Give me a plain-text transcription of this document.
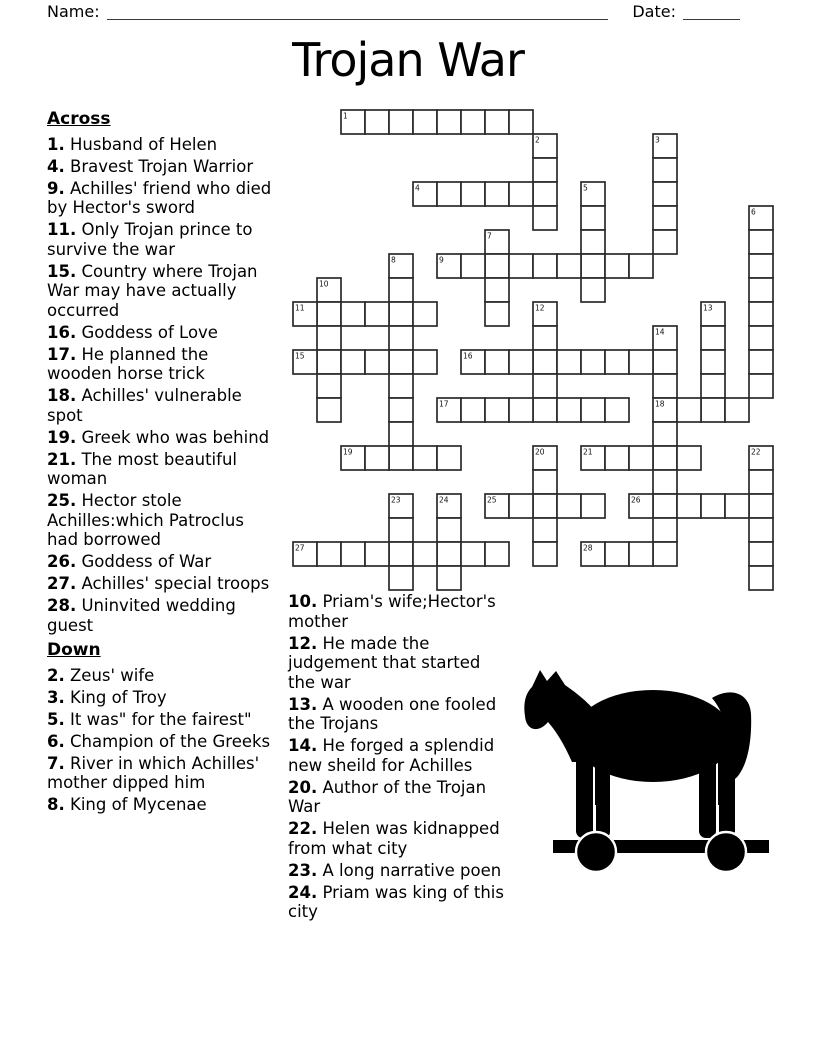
Name:	Date:
Trojan War
1
2	3
4	5
6
7
8	9
10
11	12	13
14
18
15	16
17
19	20	21	22
23	24	25	26
27	28
Across

1. Husband of Helen

4. Bravest Trojan Warrior

9. Achilles' friend who died by Hector's sword

11. Only Trojan prince to survive the war

15. Country where Trojan War may have actually occurred

16. Goddess of Love

17. He planned the wooden horse trick

18. Achilles' vulnerable spot

19. Greek who was behind

21. The most beautiful woman

25. Hector stole Achilles:which Patroclus had borrowed

26. Goddess of War

27. Achilles' special troops

28. Uninvited wedding guest

Down

2. Zeus' wife

3. King of Troy

5. It was" for the fairest"

6. Champion of the Greeks

7. River in which Achilles' mother dipped him

8. King of Mycenae

10. Priam's wife;Hector's mother

12. He made the judgement that started the war

13. A wooden one fooled the Trojans

14. He forged a splendid new sheild for Achilles

20. Author of the Trojan War

22. Helen was kidnapped from what city

23. A long narrative poen

24. Priam was king of this city
